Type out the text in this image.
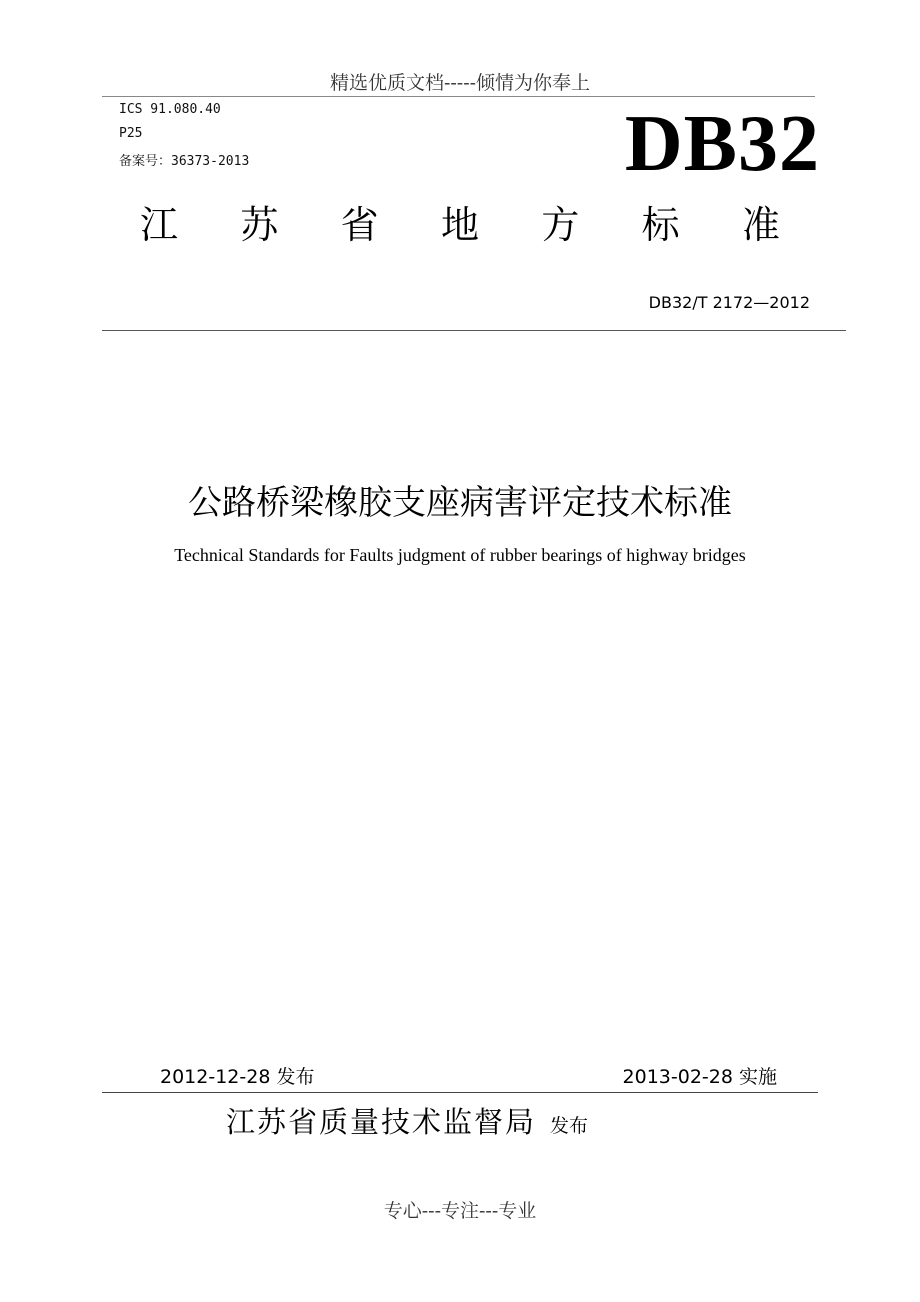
精选优质文档-----倾情为你奉上
ICS 91.080.40
P25
备案号：36373-2013	DB32
江 苏 省 地 方 标 准
DB32/T 2172—2012
公路桥梁橡胶支座病害评定技术标准
Technical Standards for Faults judgment of rubber bearings of highway bridges
2012-12-28 发布	2013-02-28 实施
江苏省质量技术监督局 发布
专心---专注---专业
